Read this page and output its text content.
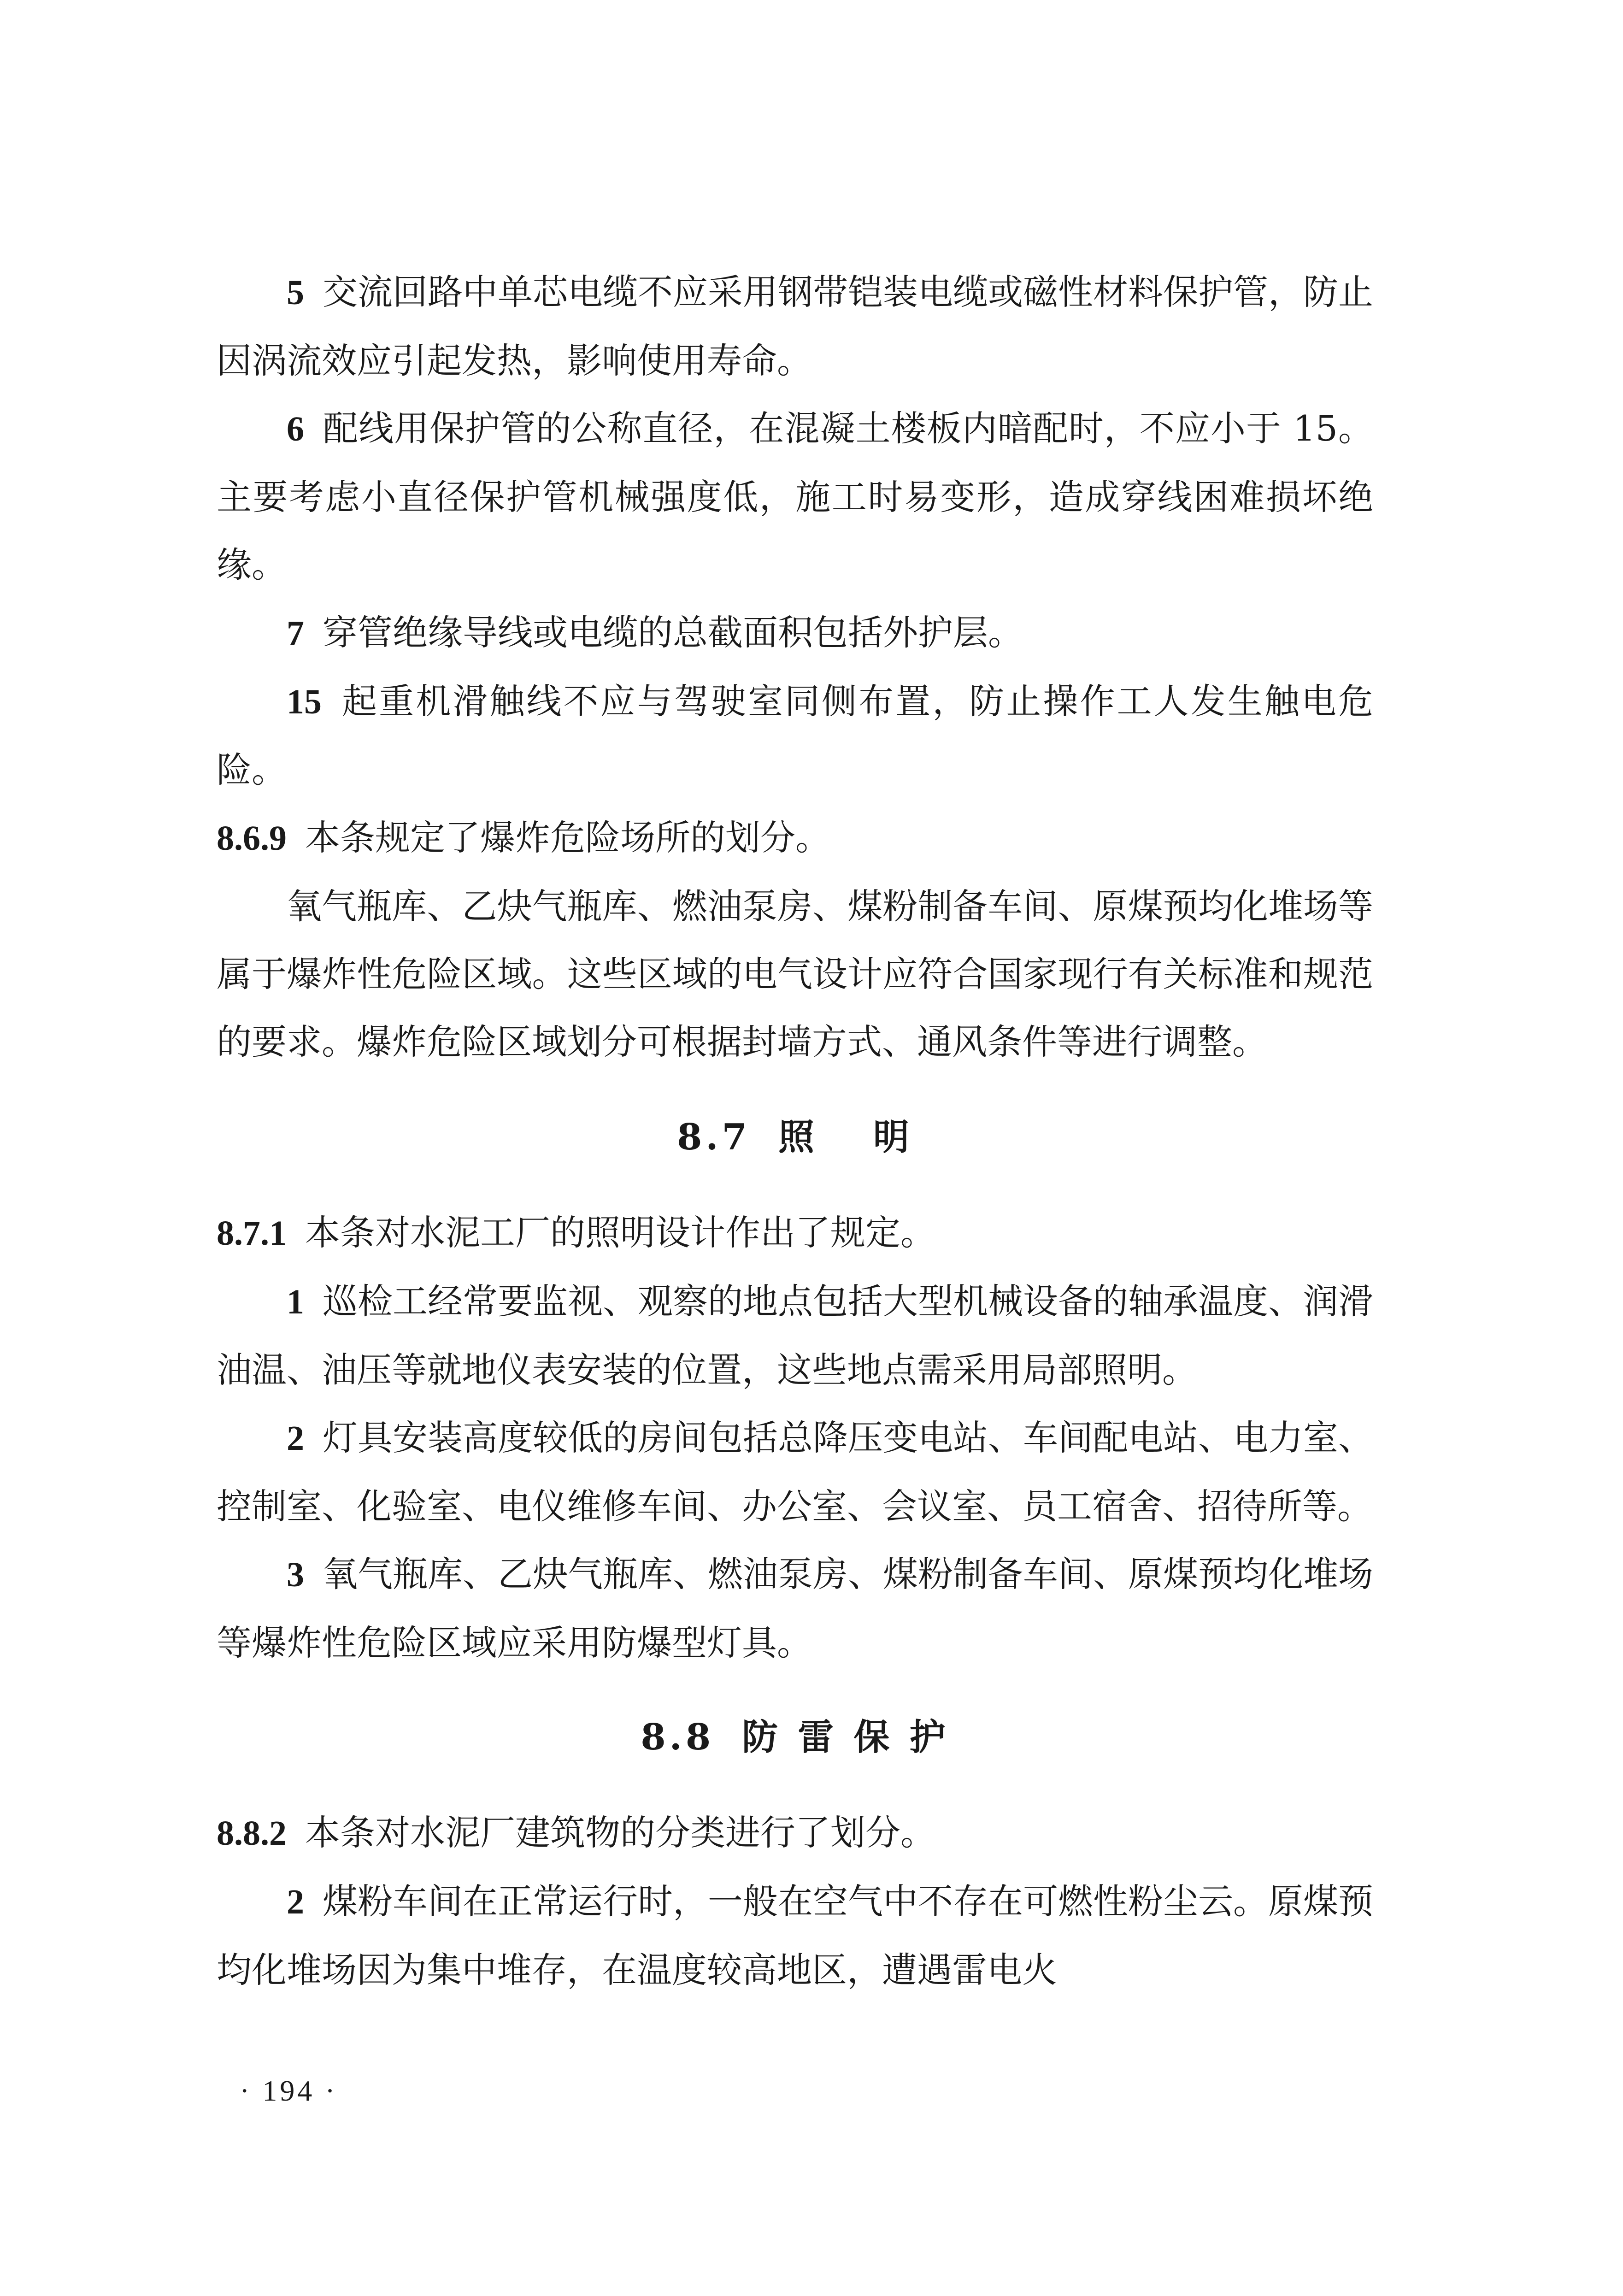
5 交流回路中单芯电缆不应采用钢带铠装电缆或磁性材料保护管，防止因涡流效应引起发热，影响使用寿命。

6 配线用保护管的公称直径，在混凝土楼板内暗配时，不应小于 15。主要考虑小直径保护管机械强度低，施工时易变形，造成穿线困难损坏绝缘。

7 穿管绝缘导线或电缆的总截面积包括外护层。

15 起重机滑触线不应与驾驶室同侧布置，防止操作工人发生触电危险。

8.6.9 本条规定了爆炸危险场所的划分。

氧气瓶库、乙炔气瓶库、燃油泵房、煤粉制备车间、原煤预均化堆场等属于爆炸性危险区域。这些区域的电气设计应符合国家现行有关标准和规范的要求。爆炸危险区域划分可根据封墙方式、通风条件等进行调整。

8.7 照 明

8.7.1 本条对水泥工厂的照明设计作出了规定。

1 巡检工经常要监视、观察的地点包括大型机械设备的轴承温度、润滑油温、油压等就地仪表安装的位置，这些地点需采用局部照明。

2 灯具安装高度较低的房间包括总降压变电站、车间配电站、电力室、控制室、化验室、电仪维修车间、办公室、会议室、员工宿舍、招待所等。

3 氧气瓶库、乙炔气瓶库、燃油泵房、煤粉制备车间、原煤预均化堆场等爆炸性危险区域应采用防爆型灯具。

8.8 防 雷 保 护

8.8.2 本条对水泥厂建筑物的分类进行了划分。

2 煤粉车间在正常运行时，一般在空气中不存在可燃性粉尘云。原煤预均化堆场因为集中堆存，在温度较高地区，遭遇雷电火

· 194 ·
